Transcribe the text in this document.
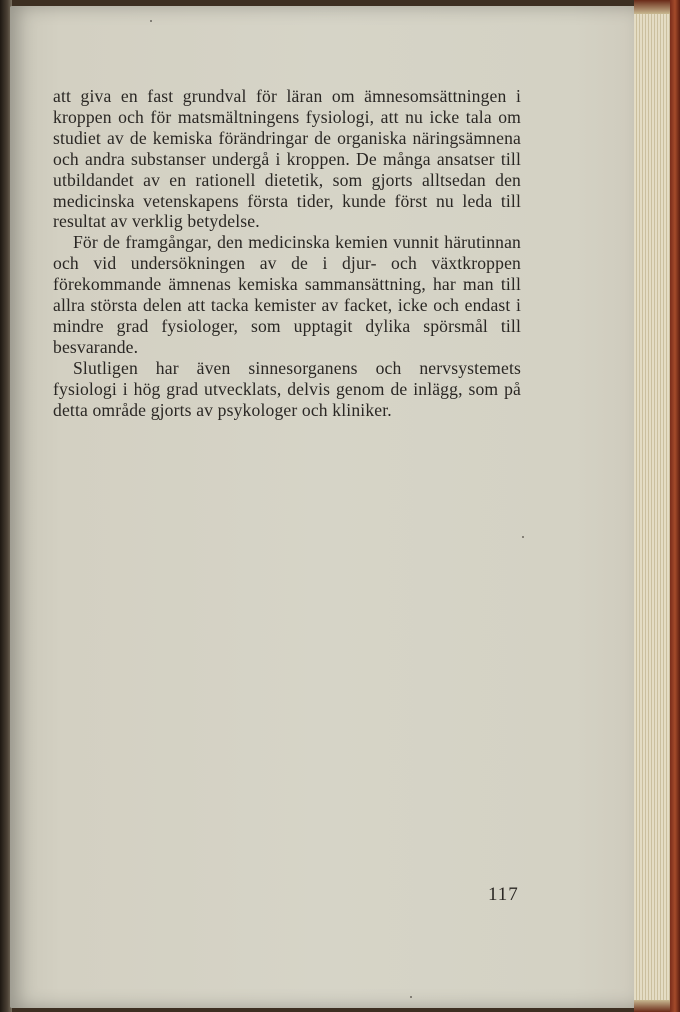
att giva en fast grundval för läran om ämnesomsättningen i kroppen och för matsmältningens fysiologi, att nu icke tala om studiet av de kemiska förändringar de organiska näringsämnena och andra substanser undergå i kroppen. De många ansatser till utbildandet av en rationell dietetik, som gjorts alltsedan den medicinska vetenskapens första tider, kunde först nu leda till resultat av verklig betydelse.

För de framgångar, den medicinska kemien vunnit härutinnan och vid undersökningen av de i djur- och växtkroppen förekommande ämnenas kemiska sammansättning, har man till allra största delen att tacka kemister av facket, icke och endast i mindre grad fysiologer, som upptagit dylika spörsmål till besvarande.

Slutligen har även sinnesorganens och nervsystemets fysiologi i hög grad utvecklats, delvis genom de inlägg, som på detta område gjorts av psykologer och kliniker.

117
